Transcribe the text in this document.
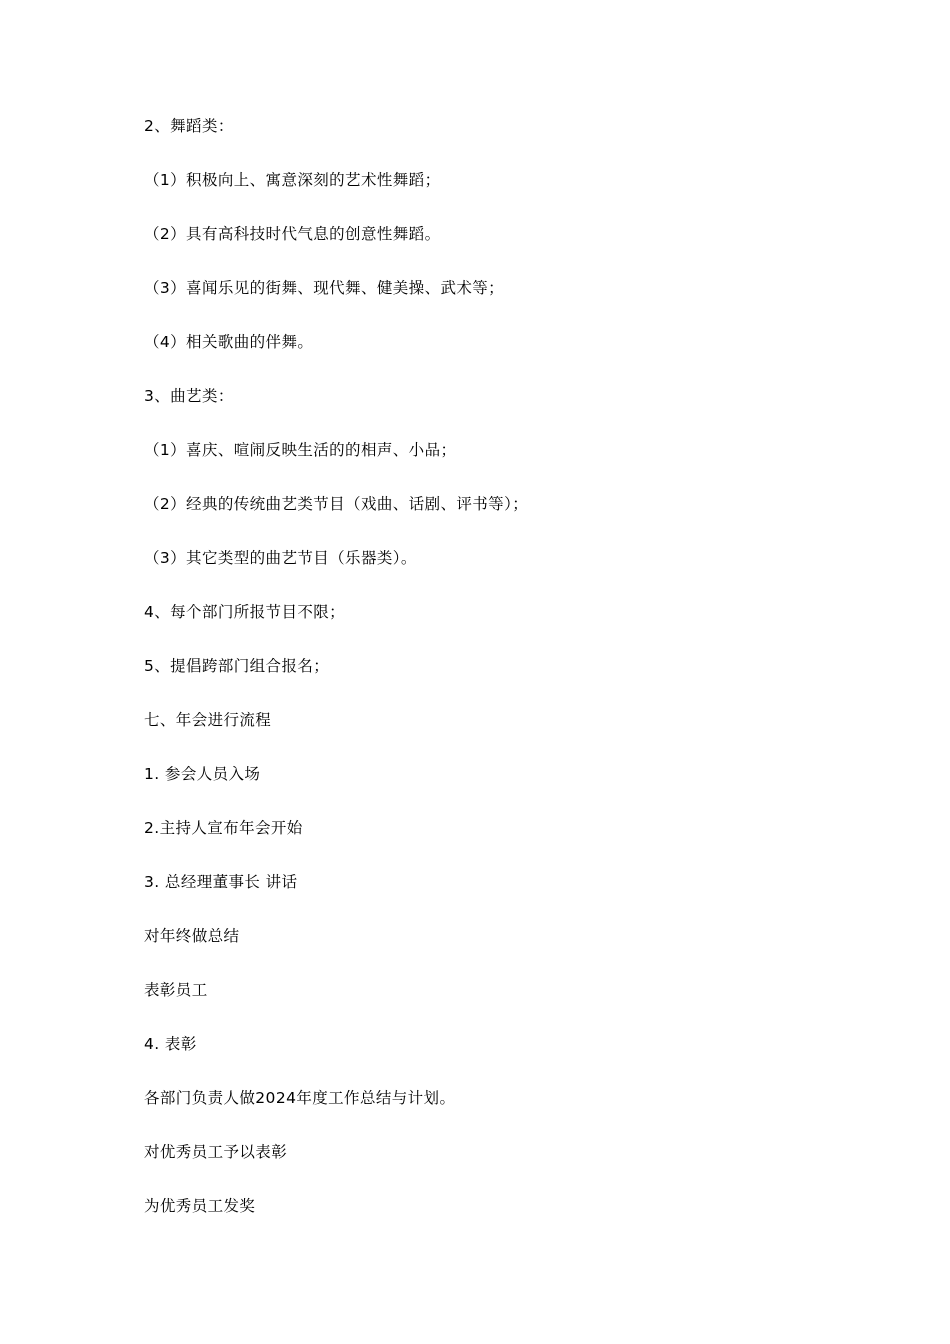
2、舞蹈类：
（1）积极向上、寓意深刻的艺术性舞蹈；
（2）具有高科技时代气息的创意性舞蹈。
（3）喜闻乐见的街舞、现代舞、健美操、武术等；
（4）相关歌曲的伴舞。
3、曲艺类：
（1）喜庆、喧闹反映生活的的相声、小品；
（2）经典的传统曲艺类节目（戏曲、话剧、评书等）；
（3）其它类型的曲艺节目（乐器类）。
4、每个部门所报节目不限；
5、提倡跨部门组合报名；
七、年会进行流程
1. 参会人员入场
2.主持人宣布年会开始
3. 总经理董事长 讲话
对年终做总结
表彰员工
4. 表彰
各部门负责人做2024年度工作总结与计划。
对优秀员工予以表彰
为优秀员工发奖
